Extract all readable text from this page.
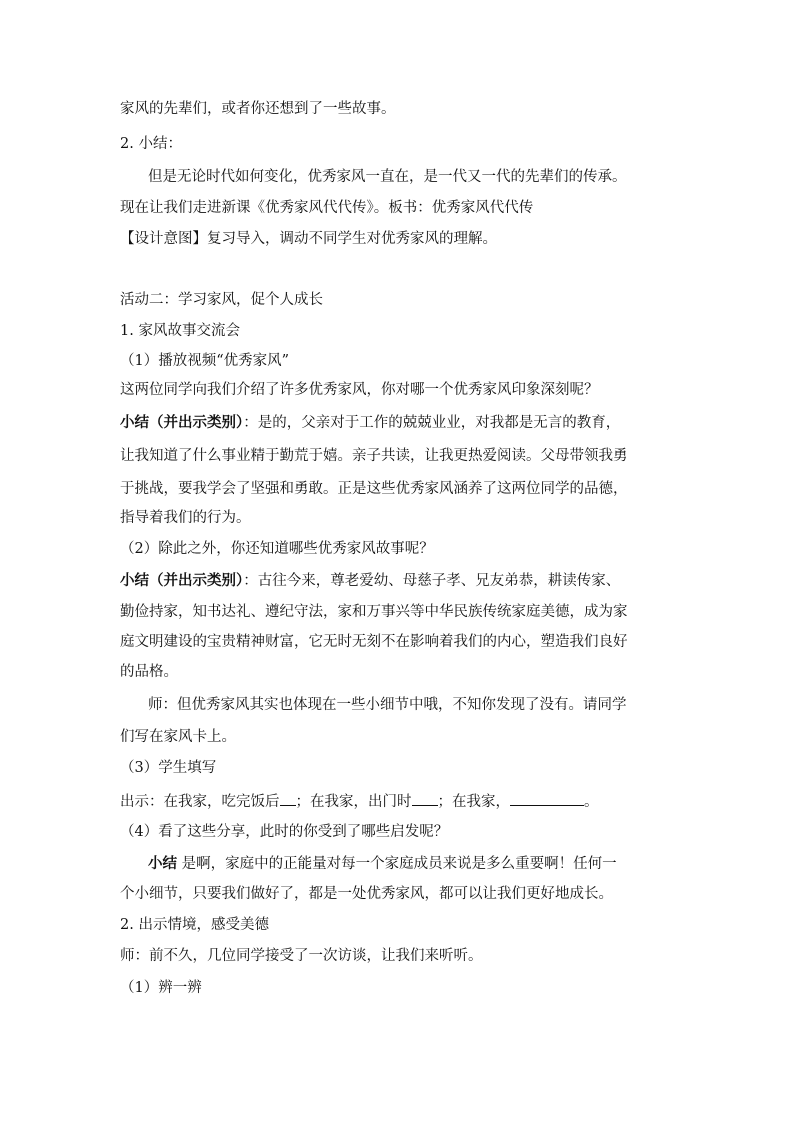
家风的先辈们，或者你还想到了一些故事。
2. 小结：
但是无论时代如何变化，优秀家风一直在，是一代又一代的先辈们的传承。
现在让我们走进新课《优秀家风代代传》。板书：优秀家风代代传
【设计意图】复习导入，调动不同学生对优秀家风的理解。
活动二：学习家风，促个人成长
1. 家风故事交流会
（1）播放视频“优秀家风”
这两位同学向我们介绍了许多优秀家风，你对哪一个优秀家风印象深刻呢？
小结（并出示类别）：是的，父亲对于工作的兢兢业业，对我都是无言的教育，
让我知道了什么事业精于勤荒于嬉。亲子共读，让我更热爱阅读。父母带领我勇
于挑战，要我学会了坚强和勇敢。正是这些优秀家风涵养了这两位同学的品德，
指导着我们的行为。
（2）除此之外，你还知道哪些优秀家风故事呢？
小结（并出示类别）：古往今来，尊老爱幼、母慈子孝、兄友弟恭，耕读传家、
勤俭持家，知书达礼、遵纪守法，家和万事兴等中华民族传统家庭美德，成为家
庭文明建设的宝贵精神财富，它无时无刻不在影响着我们的内心，塑造我们良好
的品格。
师：但优秀家风其实也体现在一些小细节中哦，不知你发现了没有。请同学
们写在家风卡上。
（3）学生填写
出示：在我家，吃完饭后 ；在我家，出门时 ；在我家，	。
（4）看了这些分享，此时的你受到了哪些启发呢？
小结 是啊，家庭中的正能量对每一个家庭成员来说是多么重要啊！任何一
个小细节，只要我们做好了，都是一处优秀家风，都可以让我们更好地成长。
2. 出示情境，感受美德
师：前不久，几位同学接受了一次访谈，让我们来听听。
（1）辨一辨
